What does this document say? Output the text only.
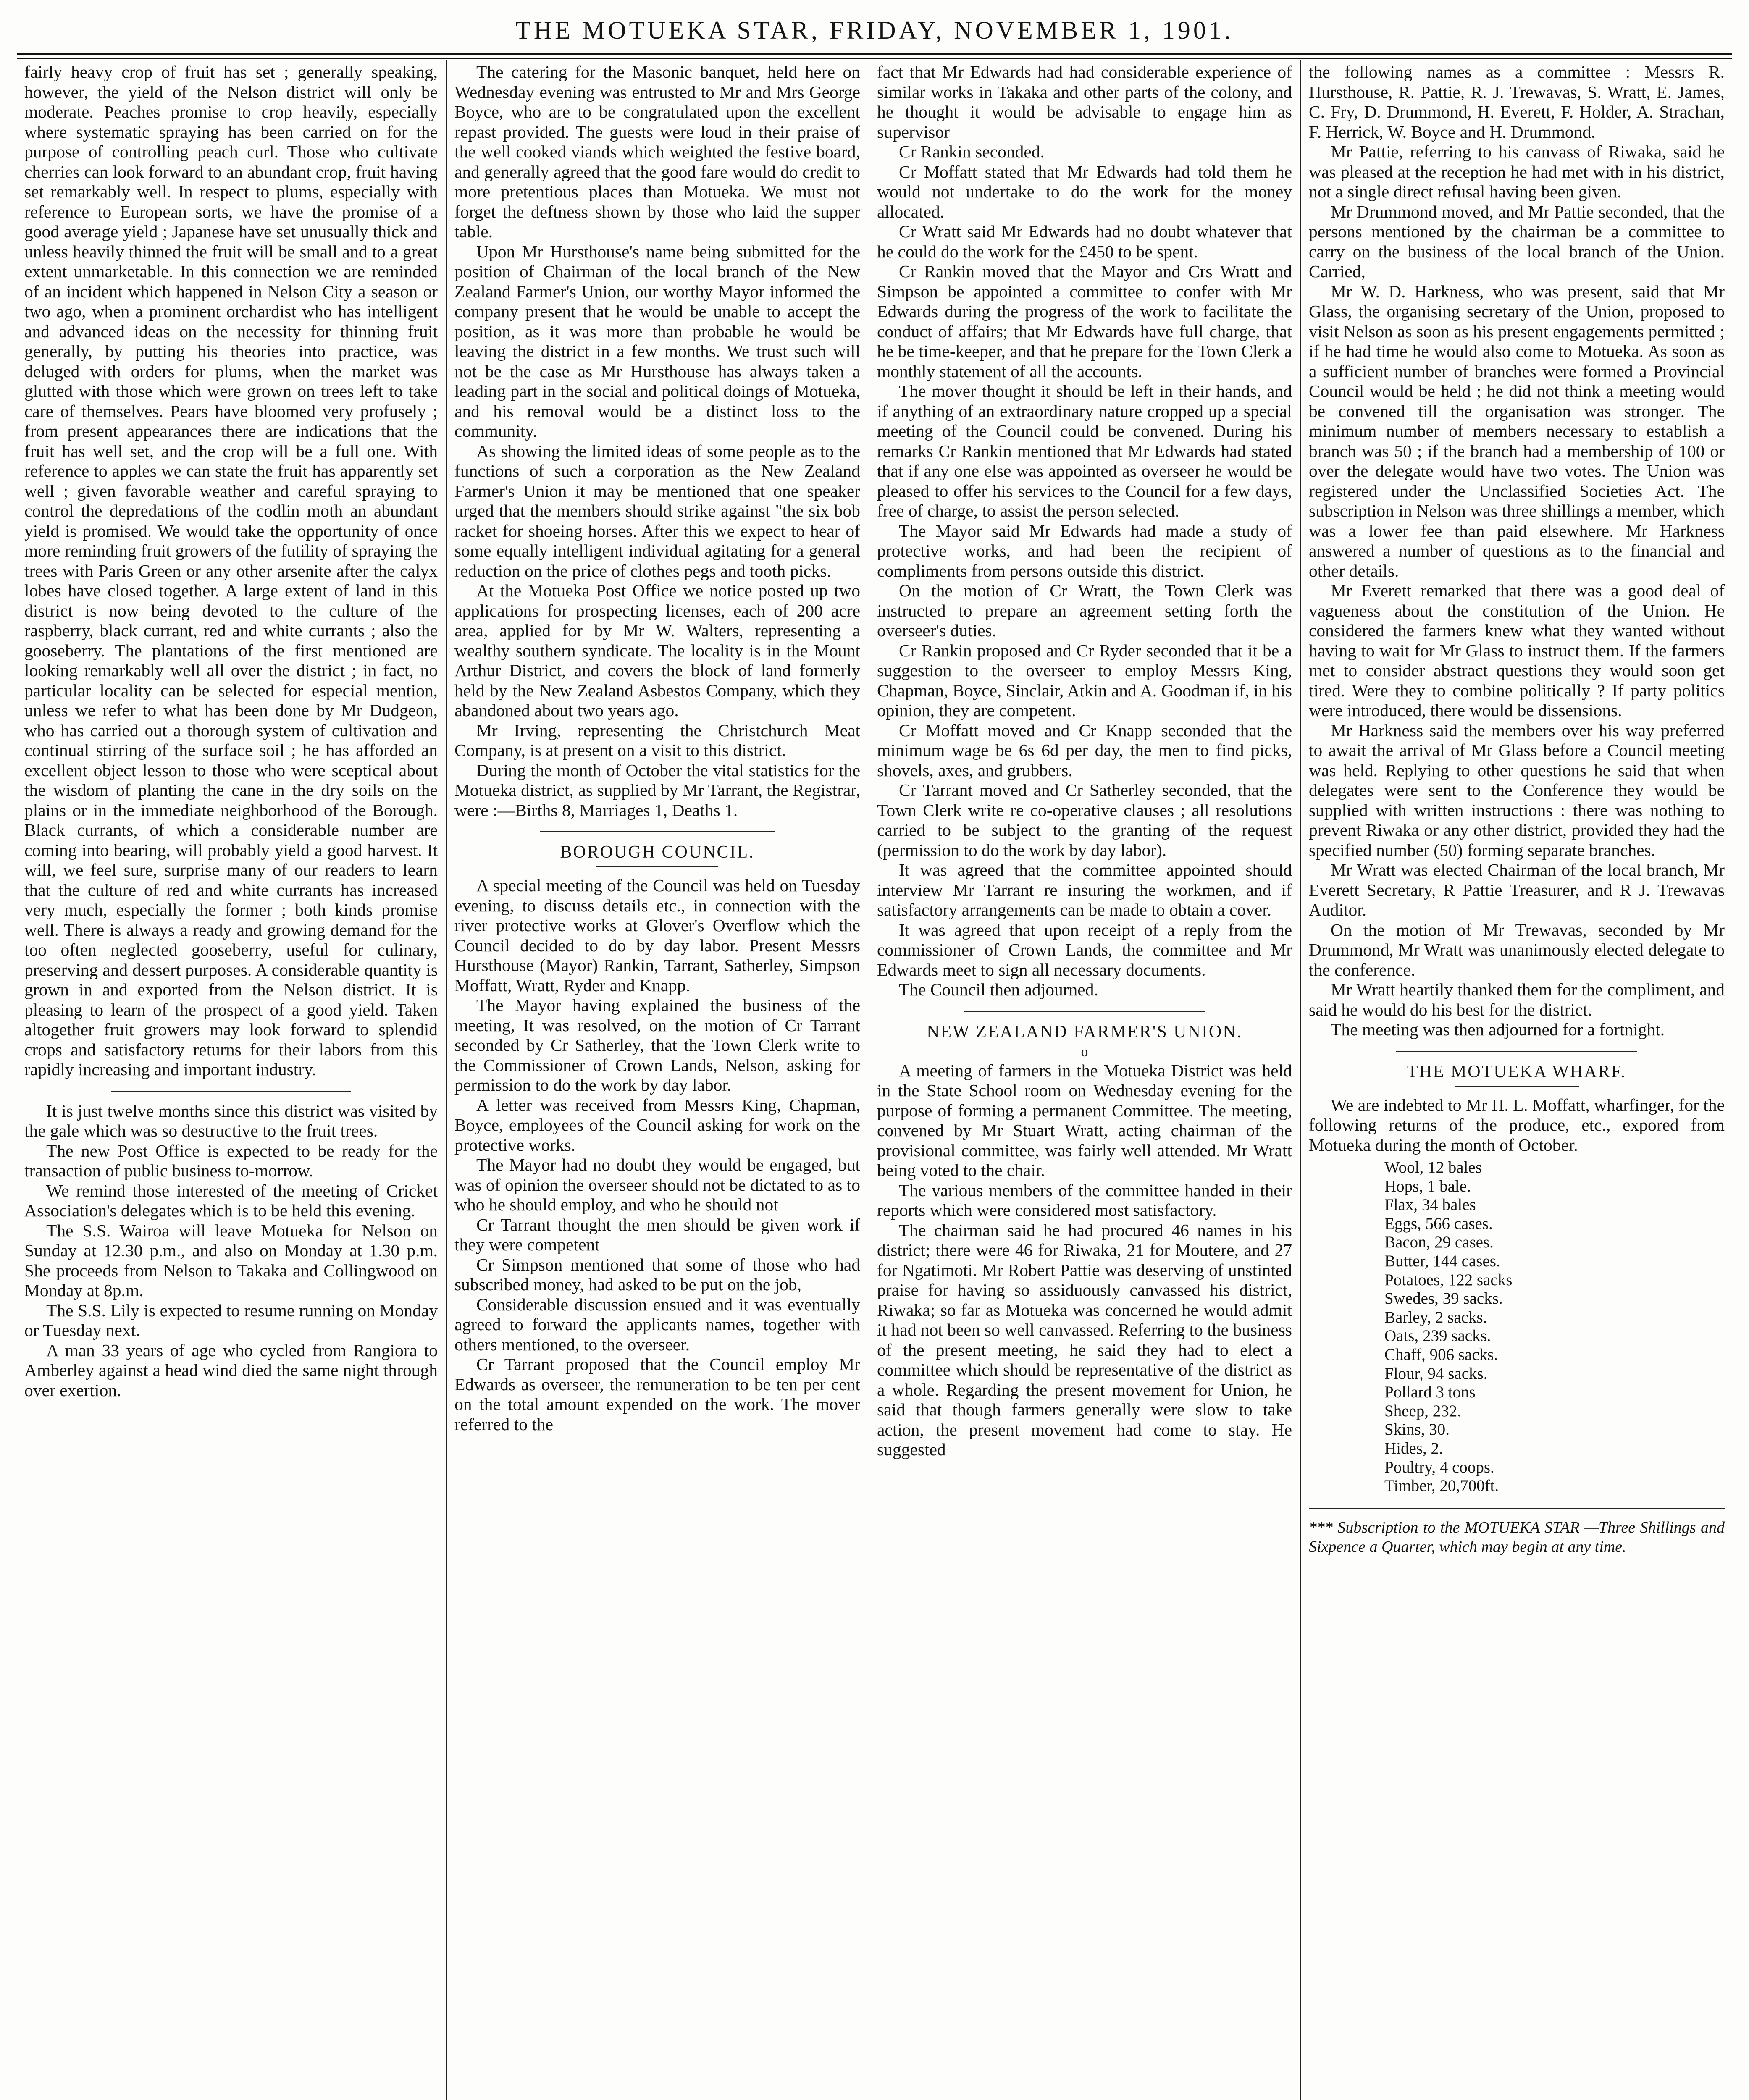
THE MOTUEKA STAR, FRIDAY, NOVEMBER 1, 1901.

fairly heavy crop of fruit has set ; generally speaking, however, the yield of the Nelson district will only be moderate. Peaches promise to crop heavily, especially where systematic spraying has been carried on for the purpose of controlling peach curl. Those who cultivate cherries can look forward to an abundant crop, fruit having set remarkably well. In respect to plums, especially with reference to European sorts, we have the promise of a good average yield ; Japanese have set unusually thick and unless heavily thinned the fruit will be small and to a great extent unmarketable. In this connection we are reminded of an incident which happened in Nelson City a season or two ago, when a prominent orchardist who has intelligent and advanced ideas on the necessity for thinning fruit generally, by putting his theories into practice, was deluged with orders for plums, when the market was glutted with those which were grown on trees left to take care of themselves. Pears have bloomed very profusely ; from present appearances there are indications that the fruit has well set, and the crop will be a full one. With reference to apples we can state the fruit has apparently set well ; given favorable weather and careful spraying to control the depredations of the codlin moth an abundant yield is promised. We would take the opportunity of once more reminding fruit growers of the futility of spraying the trees with Paris Green or any other arsenite after the calyx lobes have closed together. A large extent of land in this district is now being devoted to the culture of the raspberry, black currant, red and white currants ; also the gooseberry. The plantations of the first mentioned are looking remarkably well all over the district ; in fact, no particular locality can be selected for especial mention, unless we refer to what has been done by Mr Dudgeon, who has carried out a thorough system of cultivation and continual stirring of the surface soil ; he has afforded an excellent object lesson to those who were sceptical about the wisdom of planting the cane in the dry soils on the plains or in the immediate neighborhood of the Borough. Black currants, of which a considerable number are coming into bearing, will probably yield a good harvest. It will, we feel sure, surprise many of our readers to learn that the culture of red and white currants has increased very much, especially the former ; both kinds promise well. There is always a ready and growing demand for the too often neglected gooseberry, useful for culinary, preserving and dessert purposes. A considerable quantity is grown in and exported from the Nelson district. It is pleasing to learn of the prospect of a good yield. Taken altogether fruit growers may look forward to splendid crops and satisfactory returns for their labors from this rapidly increasing and important industry.

It is just twelve months since this district was visited by the gale which was so destructive to the fruit trees.

The new Post Office is expected to be ready for the transaction of public business to-morrow.

We remind those interested of the meeting of Cricket Association's delegates which is to be held this evening.

The S.S. Wairoa will leave Motueka for Nelson on Sunday at 12.30 p.m., and also on Monday at 1.30 p.m. She proceeds from Nelson to Takaka and Collingwood on Monday at 8p.m.

The S.S. Lily is expected to resume running on Monday or Tuesday next.

A man 33 years of age who cycled from Rangiora to Amberley against a head wind died the same night through over exertion.

The catering for the Masonic banquet, held here on Wednesday evening was entrusted to Mr and Mrs George Boyce, who are to be congratulated upon the excellent repast provided. The guests were loud in their praise of the well cooked viands which weighted the festive board, and generally agreed that the good fare would do credit to more pretentious places than Motueka. We must not forget the deftness shown by those who laid the supper table.

Upon Mr Hursthouse's name being submitted for the position of Chairman of the local branch of the New Zealand Farmer's Union, our worthy Mayor informed the company present that he would be unable to accept the position, as it was more than probable he would be leaving the district in a few months. We trust such will not be the case as Mr Hursthouse has always taken a leading part in the social and political doings of Motueka, and his removal would be a distinct loss to the community.

As showing the limited ideas of some people as to the functions of such a corporation as the New Zealand Farmer's Union it may be mentioned that one speaker urged that the members should strike against "the six bob racket for shoeing horses. After this we expect to hear of some equally intelligent individual agitating for a general reduction on the price of clothes pegs and tooth picks.

At the Motueka Post Office we notice posted up two applications for prospecting licenses, each of 200 acre area, applied for by Mr W. Walters, representing a wealthy southern syndicate. The locality is in the Mount Arthur District, and covers the block of land formerly held by the New Zealand Asbestos Company, which they abandoned about two years ago.

Mr Irving, representing the Christchurch Meat Company, is at present on a visit to this district.

During the month of October the vital statistics for the Motueka district, as supplied by Mr Tarrant, the Registrar, were :—Births 8, Marriages 1, Deaths 1.

BOROUGH COUNCIL.

A special meeting of the Council was held on Tuesday evening, to discuss details etc., in connection with the river protective works at Glover's Overflow which the Council decided to do by day labor. Present Messrs Hursthouse (Mayor) Rankin, Tarrant, Satherley, Simpson Moffatt, Wratt, Ryder and Knapp.

The Mayor having explained the business of the meeting, It was resolved, on the motion of Cr Tarrant seconded by Cr Satherley, that the Town Clerk write to the Commissioner of Crown Lands, Nelson, asking for permission to do the work by day labor.

A letter was received from Messrs King, Chapman, Boyce, employees of the Council asking for work on the protective works.

The Mayor had no doubt they would be engaged, but was of opinion the overseer should not be dictated to as to who he should employ, and who he should not

Cr Tarrant thought the men should be given work if they were competent

Cr Simpson mentioned that some of those who had subscribed money, had asked to be put on the job,

Considerable discussion ensued and it was eventually agreed to forward the applicants names, together with others mentioned, to the overseer.

Cr Tarrant proposed that the Council employ Mr Edwards as overseer, the remuneration to be ten per cent on the total amount expended on the work. The mover referred to the

fact that Mr Edwards had had considerable experience of similar works in Takaka and other parts of the colony, and he thought it would be advisable to engage him as supervisor

Cr Rankin seconded.

Cr Moffatt stated that Mr Edwards had told them he would not undertake to do the work for the money allocated.

Cr Wratt said Mr Edwards had no doubt whatever that he could do the work for the £450 to be spent.

Cr Rankin moved that the Mayor and Crs Wratt and Simpson be appointed a committee to confer with Mr Edwards during the progress of the work to facilitate the conduct of affairs; that Mr Edwards have full charge, that he be time-keeper, and that he prepare for the Town Clerk a monthly statement of all the accounts.

The mover thought it should be left in their hands, and if anything of an extraordinary nature cropped up a special meeting of the Council could be convened. During his remarks Cr Rankin mentioned that Mr Edwards had stated that if any one else was appointed as overseer he would be pleased to offer his services to the Council for a few days, free of charge, to assist the person selected.

The Mayor said Mr Edwards had made a study of protective works, and had been the recipient of compliments from persons outside this district.

On the motion of Cr Wratt, the Town Clerk was instructed to prepare an agreement setting forth the overseer's duties.

Cr Rankin proposed and Cr Ryder seconded that it be a suggestion to the overseer to employ Messrs King, Chapman, Boyce, Sinclair, Atkin and A. Goodman if, in his opinion, they are competent.

Cr Moffatt moved and Cr Knapp seconded that the minimum wage be 6s 6d per day, the men to find picks, shovels, axes, and grubbers.

Cr Tarrant moved and Cr Satherley seconded, that the Town Clerk write re co-operative clauses ; all resolutions carried to be subject to the granting of the request (permission to do the work by day labor).

It was agreed that the committee appointed should interview Mr Tarrant re insuring the workmen, and if satisfactory arrangements can be made to obtain a cover.

It was agreed that upon receipt of a reply from the commissioner of Crown Lands, the committee and Mr Edwards meet to sign all necessary documents.

The Council then adjourned.

NEW ZEALAND FARMER'S UNION.
—o—

A meeting of farmers in the Motueka District was held in the State School room on Wednesday evening for the purpose of forming a permanent Committee. The meeting, convened by Mr Stuart Wratt, acting chairman of the provisional committee, was fairly well attended. Mr Wratt being voted to the chair.

The various members of the committee handed in their reports which were considered most satisfactory.

The chairman said he had procured 46 names in his district; there were 46 for Riwaka, 21 for Moutere, and 27 for Ngatimoti. Mr Robert Pattie was deserving of unstinted praise for having so assiduously canvassed his district, Riwaka; so far as Motueka was concerned he would admit it had not been so well canvassed. Referring to the business of the present meeting, he said they had to elect a committee which should be representative of the district as a whole. Regarding the present movement for Union, he said that though farmers generally were slow to take action, the present movement had come to stay. He suggested

the following names as a committee : Messrs R. Hursthouse, R. Pattie, R. J. Trewavas, S. Wratt, E. James, C. Fry, D. Drummond, H. Everett, F. Holder, A. Strachan, F. Herrick, W. Boyce and H. Drummond.

Mr Pattie, referring to his canvass of Riwaka, said he was pleased at the reception he had met with in his district, not a single direct refusal having been given.

Mr Drummond moved, and Mr Pattie seconded, that the persons mentioned by the chairman be a committee to carry on the business of the local branch of the Union. Carried,

Mr W. D. Harkness, who was present, said that Mr Glass, the organising secretary of the Union, proposed to visit Nelson as soon as his present engagements permitted ; if he had time he would also come to Motueka. As soon as a sufficient number of branches were formed a Provincial Council would be held ; he did not think a meeting would be convened till the organisation was stronger. The minimum number of members necessary to establish a branch was 50 ; if the branch had a membership of 100 or over the delegate would have two votes. The Union was registered under the Unclassified Societies Act. The subscription in Nelson was three shillings a member, which was a lower fee than paid elsewhere. Mr Harkness answered a number of questions as to the financial and other details.

Mr Everett remarked that there was a good deal of vagueness about the constitution of the Union. He considered the farmers knew what they wanted without having to wait for Mr Glass to instruct them. If the farmers met to consider abstract questions they would soon get tired. Were they to combine politically ? If party politics were introduced, there would be dissensions.

Mr Harkness said the members over his way preferred to await the arrival of Mr Glass before a Council meeting was held. Replying to other questions he said that when delegates were sent to the Conference they would be supplied with written instructions : there was nothing to prevent Riwaka or any other district, provided they had the specified number (50) forming separate branches.

Mr Wratt was elected Chairman of the local branch, Mr Everett Secretary, R Pattie Treasurer, and R J. Trewavas Auditor.

On the motion of Mr Trewavas, seconded by Mr Drummond, Mr Wratt was unanimously elected delegate to the conference.

Mr Wratt heartily thanked them for the compliment, and said he would do his best for the district.

The meeting was then adjourned for a fortnight.

THE MOTUEKA WHARF.

We are indebted to Mr H. L. Moffatt, wharfinger, for the following returns of the produce, etc., expored from Motueka during the month of October.

Wool, 12 bales
Hops, 1 bale.
Flax, 34 bales
Eggs, 566 cases.
Bacon, 29 cases.
Butter, 144 cases.
Potatoes, 122 sacks
Swedes, 39 sacks.
Barley, 2 sacks.
Oats, 239 sacks.
Chaff, 906 sacks.
Flour, 94 sacks.
Pollard 3 tons
Sheep, 232.
Skins, 30.
Hides, 2.
Poultry, 4 coops.
Timber, 20,700ft.

*** Subscription to the MOTUEKA STAR —Three Shillings and Sixpence a Quarter, which may begin at any time.
